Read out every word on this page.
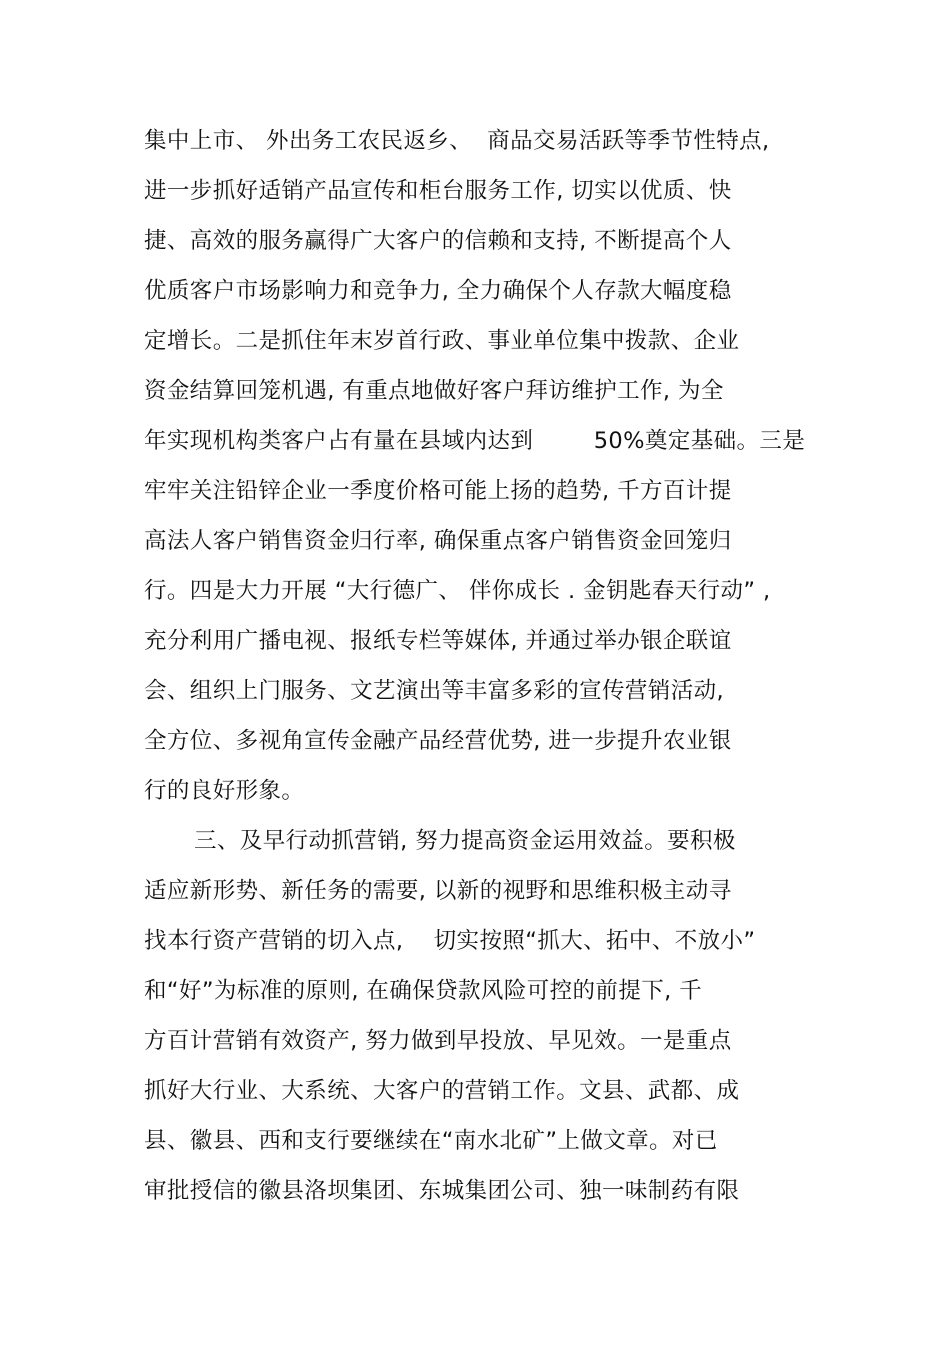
集中上市、 外出务工农民返乡、  商品交易活跃等季节性特点,
进一步抓好适销产品宣传和柜台服务工作, 切实以优质、快
捷、高效的服务赢得广大客户的信赖和支持, 不断提高个人
优质客户市场影响力和竞争力, 全力确保个人存款大幅度稳
定增长。二是抓住年末岁首行政、事业单位集中拨款、企业
资金结算回笼机遇, 有重点地做好客户拜访维护工作, 为全
年实现机构类客户占有量在县域内达到        50%奠定基础。三是
牢牢关注铅锌企业一季度价格可能上扬的趋势, 千方百计提
高法人客户销售资金归行率, 确保重点客户销售资金回笼归
行。四是大力开展 “大行德广、 伴你成长 . 金钥匙春天行动” ,
充分利用广播电视、报纸专栏等媒体, 并通过举办银企联谊
会、组织上门服务、文艺演出等丰富多彩的宣传营销活动,
全方位、多视角宣传金融产品经营优势, 进一步提升农业银
行的良好形象。
三、及早行动抓营销, 努力提高资金运用效益。要积极
适应新形势、新任务的需要, 以新的视野和思维积极主动寻
找本行资产营销的切入点,    切实按照“抓大、拓中、不放小”
和“好”为标准的原则, 在确保贷款风险可控的前提下, 千
方百计营销有效资产, 努力做到早投放、早见效。一是重点
抓好大行业、大系统、大客户的营销工作。文县、武都、成
县、徽县、西和支行要继续在“南水北矿”上做文章。对已
审批授信的徽县洛坝集团、东城集团公司、独一味制药有限
